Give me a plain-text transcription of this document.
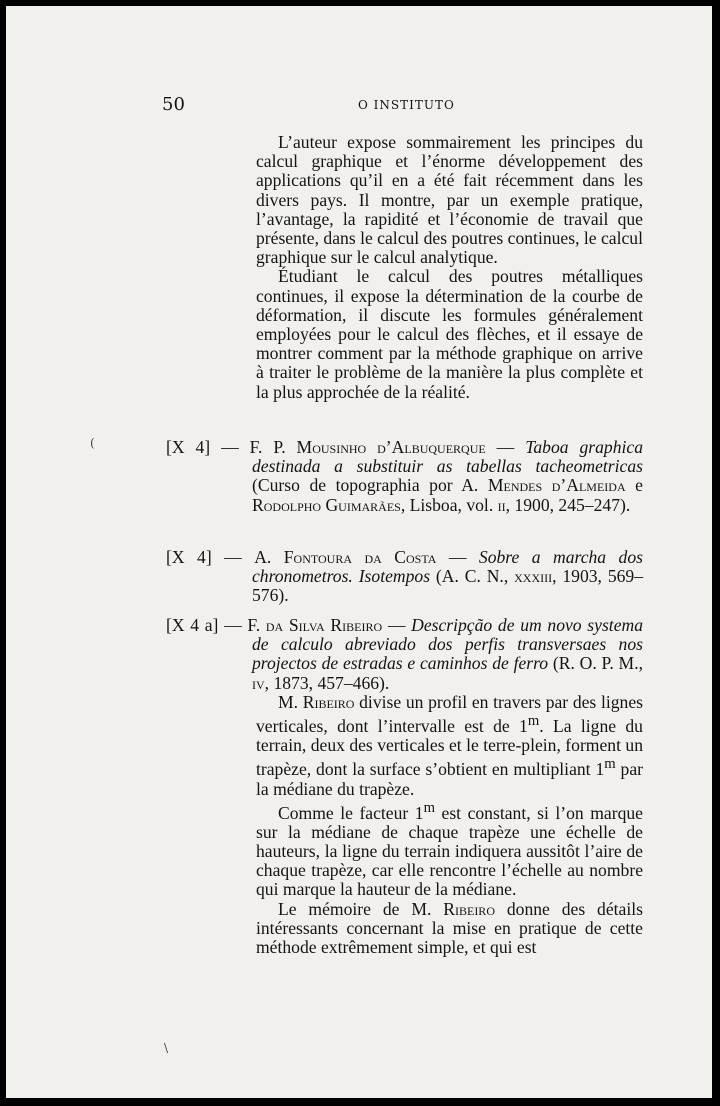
50	O INSTITUTO

L’auteur expose sommairement les principes du calcul graphique et l’énorme développement des applications qu’il en a été fait récemment dans les divers pays. Il montre, par un exemple pratique, l’avantage, la rapidité et l’économie de travail que présente, dans le calcul des poutres continues, le calcul graphique sur le calcul analytique.

Étudiant le calcul des poutres métalliques continues, il expose la détermination de la courbe de déformation, il discute les formules généralement employées pour le calcul des flèches, et il essaye de montrer comment par la méthode graphique on arrive à traiter le problème de la manière la plus complète et la plus approchée de la réalité.

[X 4] — F. P. Mousinho d’Albuquerque — Taboa graphica destinada a substituir as tabellas tacheometricas (Curso de topographia por A. Mendes d’Almeida e Rodolpho Guimarães, Lisboa, vol. ii, 1900, 245–247).

[X 4] — A. Fontoura da Costa — Sobre a marcha dos chronometros. Isotempos (A. C. N., xxxiii, 1903, 569–576).

[X 4 a] — F. da Silva Ribeiro — Descripção de um novo systema de calculo abreviado dos perfis transversaes nos projectos de estradas e caminhos de ferro (R. O. P. M., iv, 1873, 457–466).

M. Ribeiro divise un profil en travers par des lignes verticales, dont l’intervalle est de 1$^m$. La ligne du terrain, deux des verticales et le terre-plein, forment un trapèze, dont la surface s’obtient en multipliant 1$^m$ par la médiane du trapèze.

Comme le facteur 1$^m$ est constant, si l’on marque sur la médiane de chaque trapèze une échelle de hauteurs, la ligne du terrain indiquera aussitôt l’aire de chaque trapèze, car elle rencontre l’échelle au nombre qui marque la hauteur de la médiane.

Le mémoire de M. Ribeiro donne des détails intéressants concernant la mise en pratique de cette méthode extrêmement simple, et qui est

(
\
